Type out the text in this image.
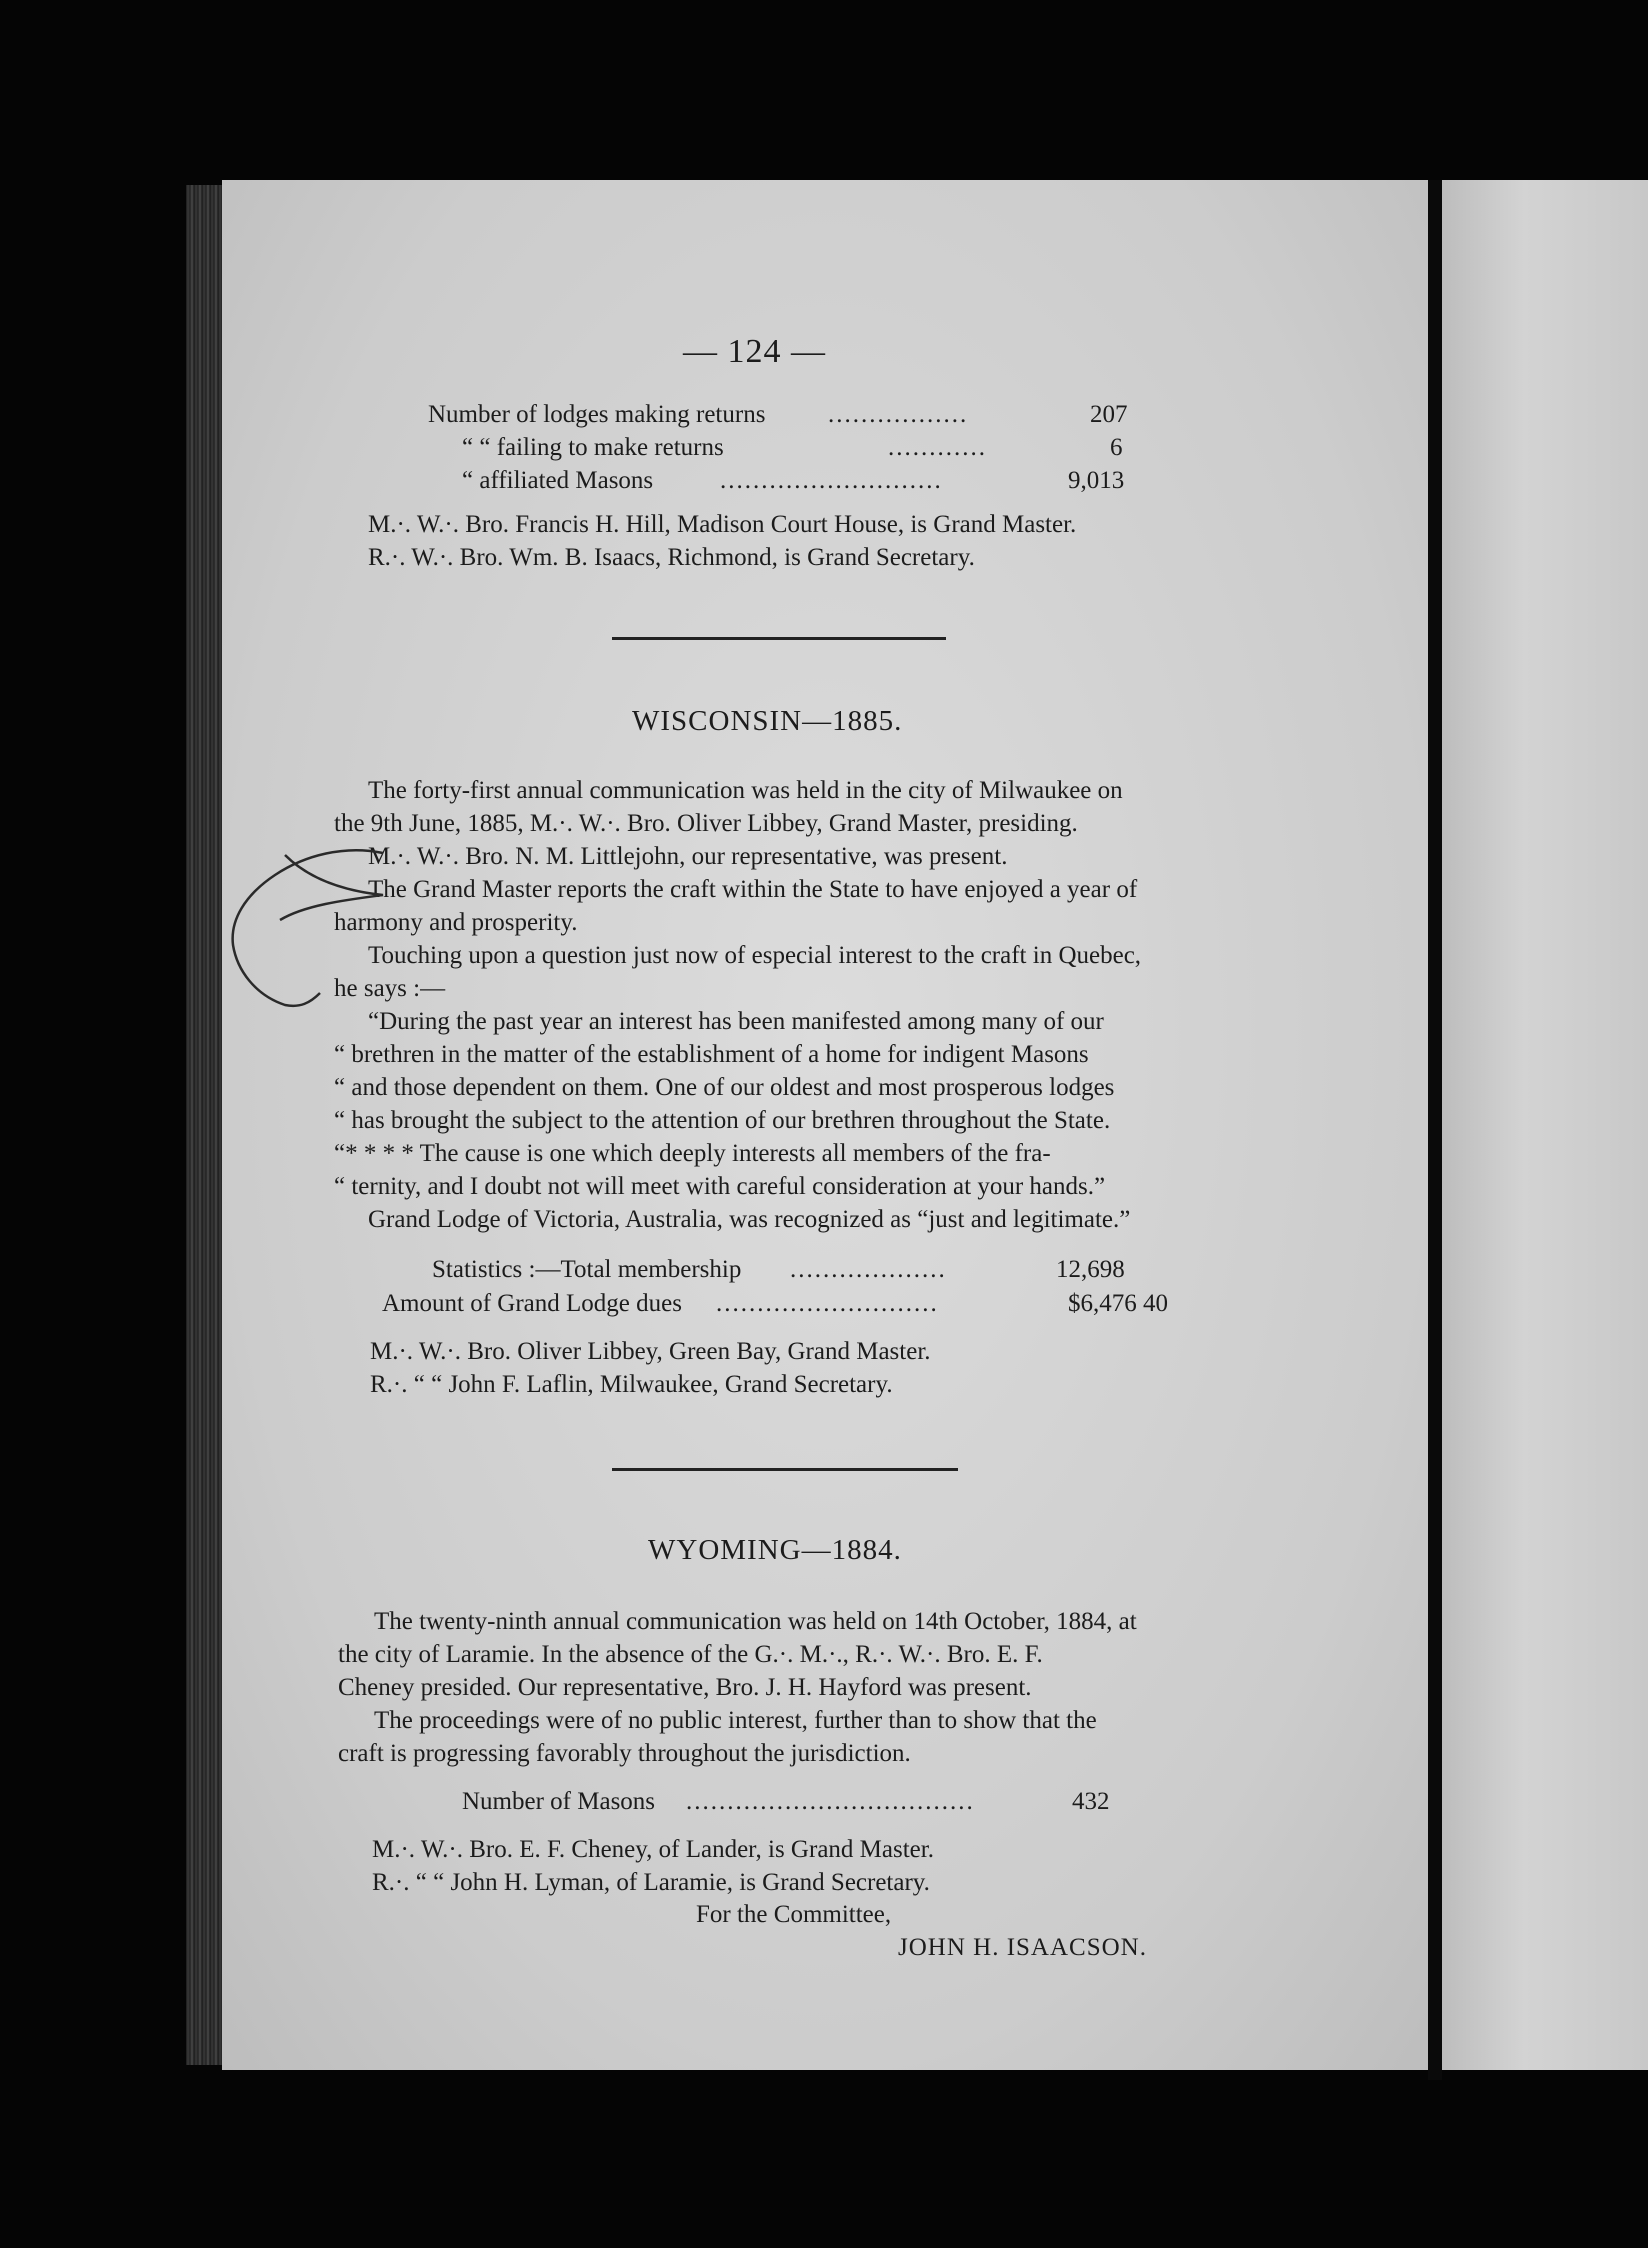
— 124 —
Number of lodges making returns	.................	207
“ “ failing to make returns	............	6
“ affiliated Masons	...........................	9,013
M.·. W.·. Bro. Francis H. Hill, Madison Court House, is Grand Master.
R.·. W.·. Bro. Wm. B. Isaacs, Richmond, is Grand Secretary.
WISCONSIN—1885.
The forty-first annual communication was held in the city of Milwaukee on
the 9th June, 1885, M.·. W.·. Bro. Oliver Libbey, Grand Master, presiding.
M.·. W.·. Bro. N. M. Littlejohn, our representative, was present.
The Grand Master reports the craft within the State to have enjoyed a year of
harmony and prosperity.
Touching upon a question just now of especial interest to the craft in Quebec,
he says :—
“During the past year an interest has been manifested among many of our
“ brethren in the matter of the establishment of a home for indigent Masons
“ and those dependent on them. One of our oldest and most prosperous lodges
“ has brought the subject to the attention of our brethren throughout the State.
“* * * * The cause is one which deeply interests all members of the fra-
“ ternity, and I doubt not will meet with careful consideration at your hands.”
Grand Lodge of Victoria, Australia, was recognized as “just and legitimate.”
Statistics :—Total membership ...................	12,698
Amount of Grand Lodge dues ...........................	$6,476 40
M.·. W.·. Bro. Oliver Libbey, Green Bay, Grand Master.
R.·. “ “ John F. Laflin, Milwaukee, Grand Secretary.
WYOMING—1884.
The twenty-ninth annual communication was held on 14th October, 1884, at
the city of Laramie. In the absence of the G.·. M.·., R.·. W.·. Bro. E. F.
Cheney presided. Our representative, Bro. J. H. Hayford was present.
The proceedings were of no public interest, further than to show that the
craft is progressing favorably throughout the jurisdiction.
Number of Masons ...................................	432
M.·. W.·. Bro. E. F. Cheney, of Lander, is Grand Master.
R.·. “ “ John H. Lyman, of Laramie, is Grand Secretary.
For the Committee,
JOHN H. ISAACSON.
